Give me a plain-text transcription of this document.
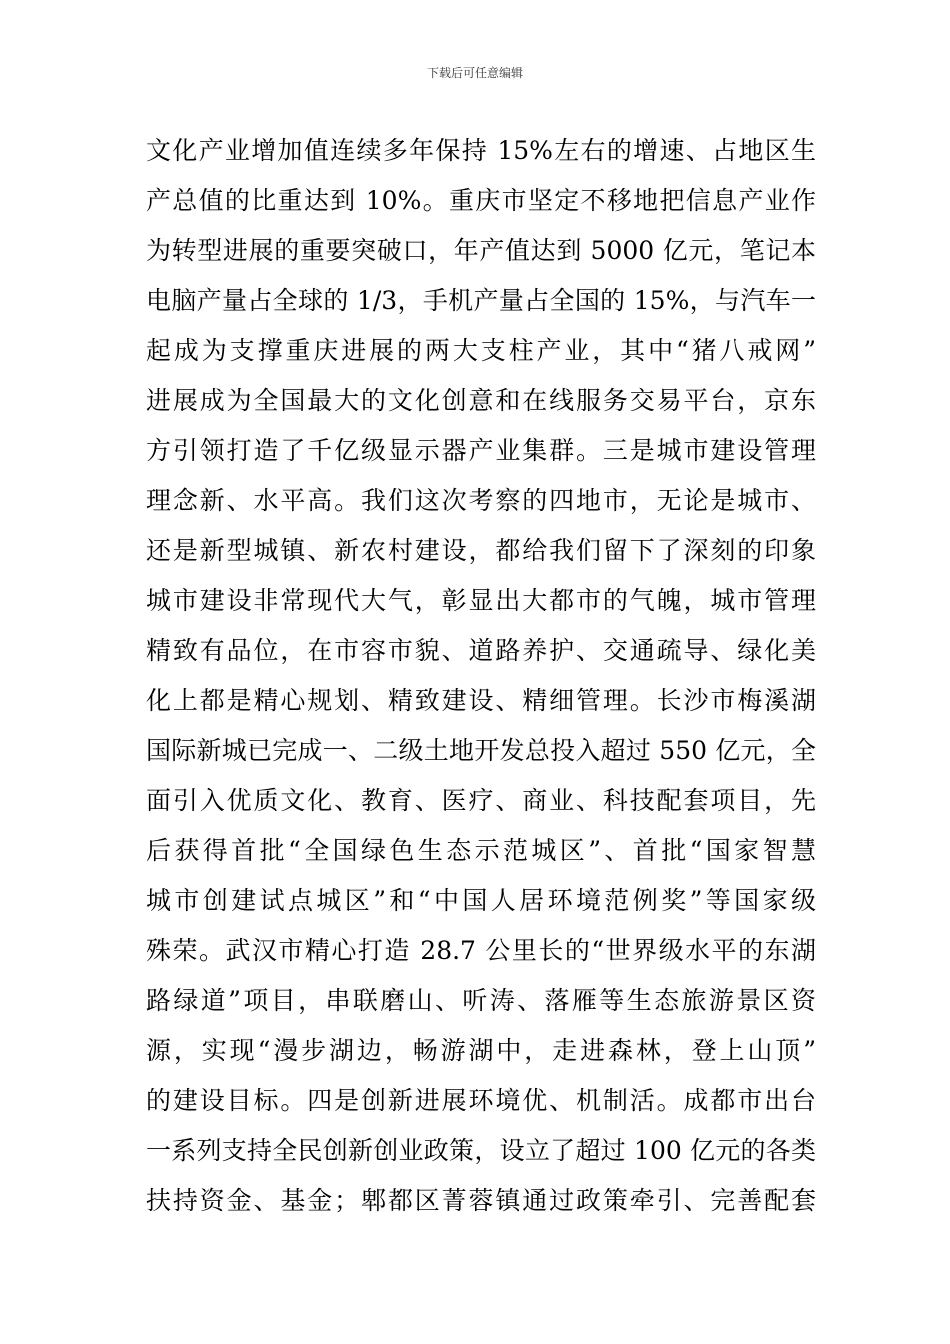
下载后可任意编辑
文化产业增加值连续多年保持 15%左右的增速、占地区生
产总值的比重达到 10%。重庆市坚定不移地把信息产业作
为转型进展的重要突破口，年产值达到 5000 亿元，笔记本
电脑产量占全球的 1/3，手机产量占全国的 15%，与汽车一
起成为支撑重庆进展的两大支柱产业，其中“猪八戒网”
进展成为全国最大的文化创意和在线服务交易平台，京东
方引领打造了千亿级显示器产业集群。三是城市建设管理
理念新、水平高。我们这次考察的四地市，无论是城市、
还是新型城镇、新农村建设，都给我们留下了深刻的印象
城市建设非常现代大气，彰显出大都市的气魄，城市管理
精致有品位，在市容市貌、道路养护、交通疏导、绿化美
化上都是精心规划、精致建设、精细管理。长沙市梅溪湖
国际新城已完成一、二级土地开发总投入超过 550 亿元，全
面引入优质文化、教育、医疗、商业、科技配套项目，先
后获得首批“全国绿色生态示范城区”、首批“国家智慧
城市创建试点城区”和“中国人居环境范例奖”等国家级
殊荣。武汉市精心打造 28.7 公里长的“世界级水平的东湖
路绿道”项目，串联磨山、听涛、落雁等生态旅游景区资
源，实现“漫步湖边，畅游湖中，走进森林，登上山顶”
的建设目标。四是创新进展环境优、机制活。成都市出台
一系列支持全民创新创业政策，设立了超过 100 亿元的各类
扶持资金、基金；郫都区菁蓉镇通过政策牵引、完善配套
